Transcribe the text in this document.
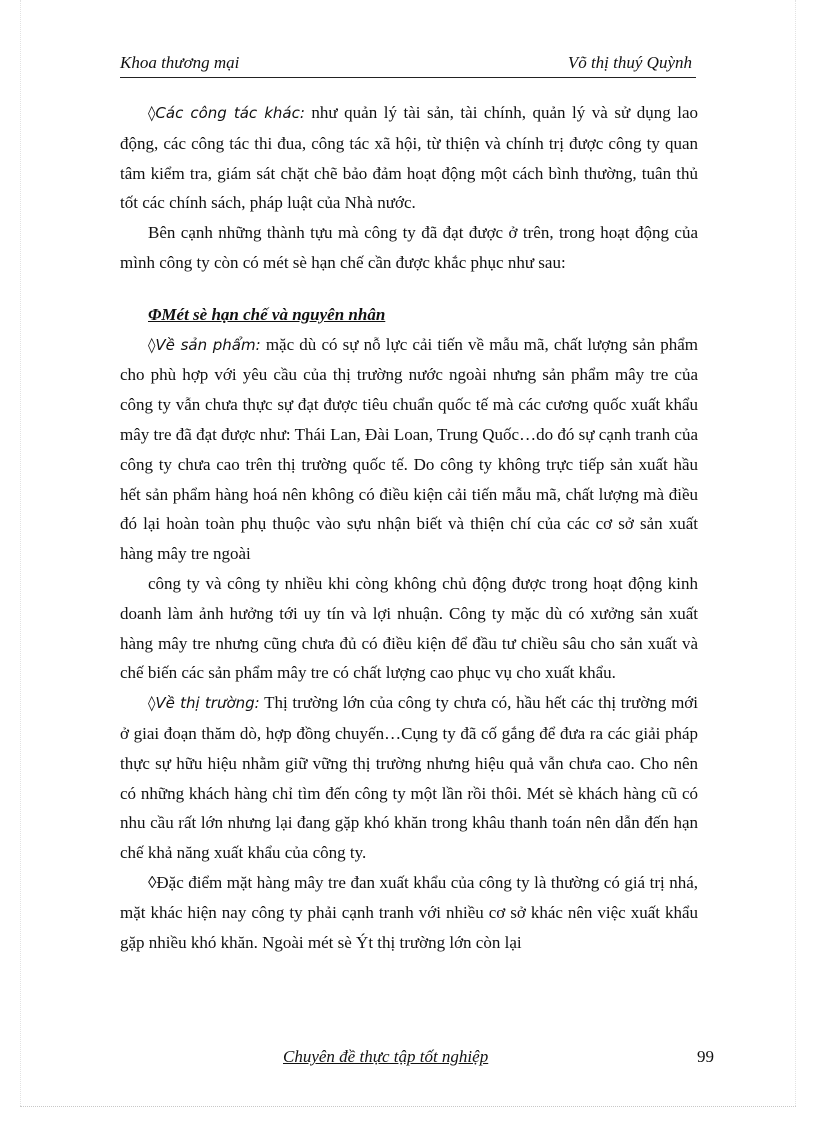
Khoa thương mại	Võ thị thuý Quỳnh

◊Các công tác khác: như quản lý tài sản, tài chính, quản lý và sử dụng lao động, các công tác thi đua, công tác xã hội, từ thiện và chính trị được công ty quan tâm kiểm tra, giám sát chặt chẽ bảo đảm hoạt động một cách bình thường, tuân thủ tốt các chính sách, pháp luật của Nhà nước.

Bên cạnh những thành tựu mà công ty đã đạt được ở trên, trong hoạt động của mình công ty còn có mét sè hạn chế cần được khắc phục như sau:

ΦMét sè hạn chế và nguyên nhân

◊Về sản phẩm: mặc dù có sự nỗ lực cải tiến về mẫu mã, chất lượng sản phẩm cho phù hợp với yêu cầu của thị trường nước ngoài nhưng sản phẩm mây tre của công ty vẫn chưa thực sự đạt được tiêu chuẩn quốc tế mà các cương quốc xuất khẩu mây tre đã đạt được như: Thái Lan, Đài Loan, Trung Quốc…do đó sự cạnh tranh của công ty chưa cao trên thị trường quốc tế. Do công ty không trực tiếp sản xuất hầu hết sản phẩm hàng hoá nên không có điều kiện cải tiến mẫu mã, chất lượng mà điều đó lại hoàn toàn phụ thuộc vào sựu nhận biết và thiện chí của các cơ sở sản xuất hàng mây tre ngoài

công ty và công ty nhiều khi còng không chủ động được trong hoạt động kinh doanh làm ảnh hưởng tới uy tín và lợi nhuận. Công ty mặc dù có xưởng sản xuất hàng mây tre nhưng cũng chưa đủ có điều kiện để đầu tư chiều sâu cho sản xuất và chế biến các sản phẩm mây tre có chất lượng cao phục vụ cho xuất khẩu.

◊Về thị trường: Thị trường lớn của công ty chưa có, hầu hết các thị trường mới ở giai đoạn thăm dò, hợp đồng chuyến…Cụng ty đã cố gắng để đưa ra các giải pháp thực sự hữu hiệu nhằm giữ vững thị trường nhưng hiệu quả vẫn chưa cao. Cho nên có những khách hàng chỉ tìm đến công ty một lần rồi thôi. Mét sè khách hàng cũ có nhu cầu rất lớn nhưng lại đang gặp khó khăn trong khâu thanh toán nên dẫn đến hạn chế khả năng xuất khẩu của công ty.

◊Đặc điểm mặt hàng mây tre đan xuất khẩu của công ty là thường có giá trị nhá, mặt khác hiện nay công ty phải cạnh tranh với nhiều cơ sở khác nên việc xuất khẩu gặp nhiều khó khăn. Ngoài mét sè Ýt thị trường lớn còn lại

Chuyên đề thực tập tốt nghiệp	99
